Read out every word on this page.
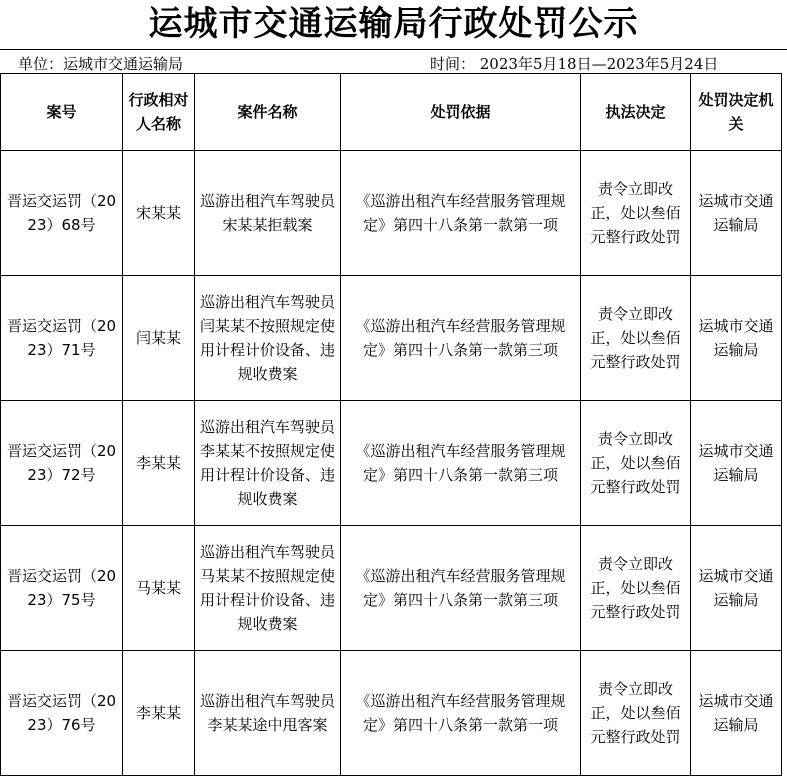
运城市交通运输局行政处罚公示
单位：运城市交通运输局	时间： 2023年5月18日—2023年5月24日
案号	行政相对人名称	案件名称	处罚依据	执法决定	处罚决定机关
晋运交运罚（2023）68号	宋某某	巡游出租汽车驾驶员宋某某拒载案	《巡游出租汽车经营服务管理规定》第四十八条第一款第一项	责令立即改正，处以叁佰元整行政处罚	运城市交通运输局
晋运交运罚（2023）71号	闫某某	巡游出租汽车驾驶员闫某某不按照规定使用计程计价设备、违规收费案	《巡游出租汽车经营服务管理规定》第四十八条第一款第三项	责令立即改正，处以叁佰元整行政处罚	运城市交通运输局
晋运交运罚（2023）72号	李某某	巡游出租汽车驾驶员李某某不按照规定使用计程计价设备、违规收费案	《巡游出租汽车经营服务管理规定》第四十八条第一款第三项	责令立即改正，处以叁佰元整行政处罚	运城市交通运输局
晋运交运罚（2023）75号	马某某	巡游出租汽车驾驶员马某某不按照规定使用计程计价设备、违规收费案	《巡游出租汽车经营服务管理规定》第四十八条第一款第三项	责令立即改正，处以叁佰元整行政处罚	运城市交通运输局
晋运交运罚（2023）76号	李某某	巡游出租汽车驾驶员李某某途中甩客案	《巡游出租汽车经营服务管理规定》第四十八条第一款第一项	责令立即改正，处以叁佰元整行政处罚	运城市交通运输局
